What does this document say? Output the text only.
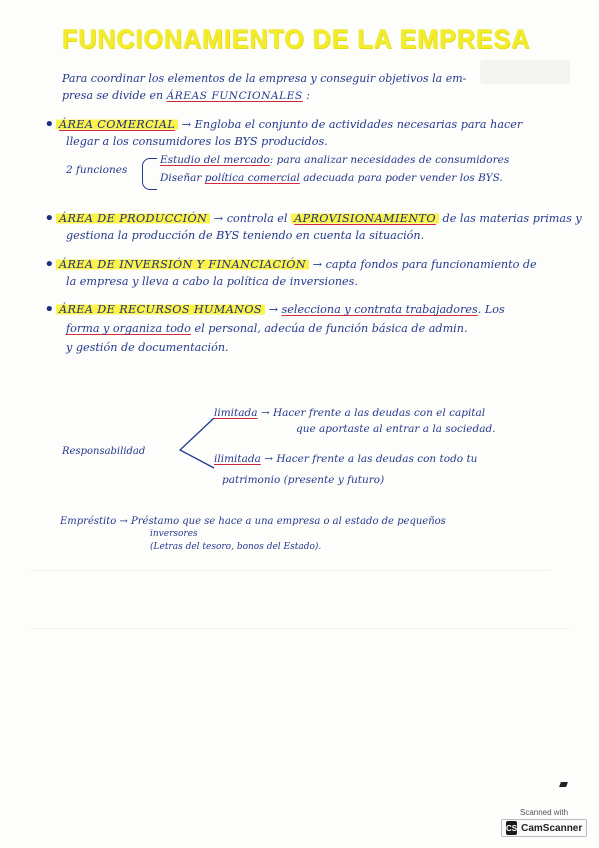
FUNCIONAMIENTO DE LA EMPRESA
Para coordinar los elementos de la empresa y conseguir objetivos la em-
presa se divide en ÁREAS FUNCIONALES :
• ÁREA COMERCIAL → Engloba el conjunto de actividades necesarias para hacer
llegar a los consumidores los BYS producidos.
2 funciones
Estudio del mercado: para analizar necesidades de consumidores
Diseñar política comercial adecuada para poder vender los BYS.
• ÁREA DE PRODUCCIÓN → controla el APROVISIONAMIENTO de las materias primas y
gestiona la producción de BYS teniendo en cuenta la situación.
• ÁREA DE INVERSIÓN Y FINANCIACIÓN → capta fondos para funcionamiento de
la empresa y lleva a cabo la política de inversiones.
• ÁREA DE RECURSOS HUMANOS → selecciona y contrata trabajadores. Los
forma y organiza todo el personal, adecúa de función básica de admin.
y gestión de documentación.
Responsabilidad
limitada → Hacer frente a las deudas con el capital
que aportaste al entrar a la sociedad.
ilimitada → Hacer frente a las deudas con todo tu
patrimonio (presente y futuro)
Empréstito → Préstamo que se hace a una empresa o al estado de pequeños
inversores
(Letras del tesoro, bonos del Estado).
Scanned with
CS CamScanner
